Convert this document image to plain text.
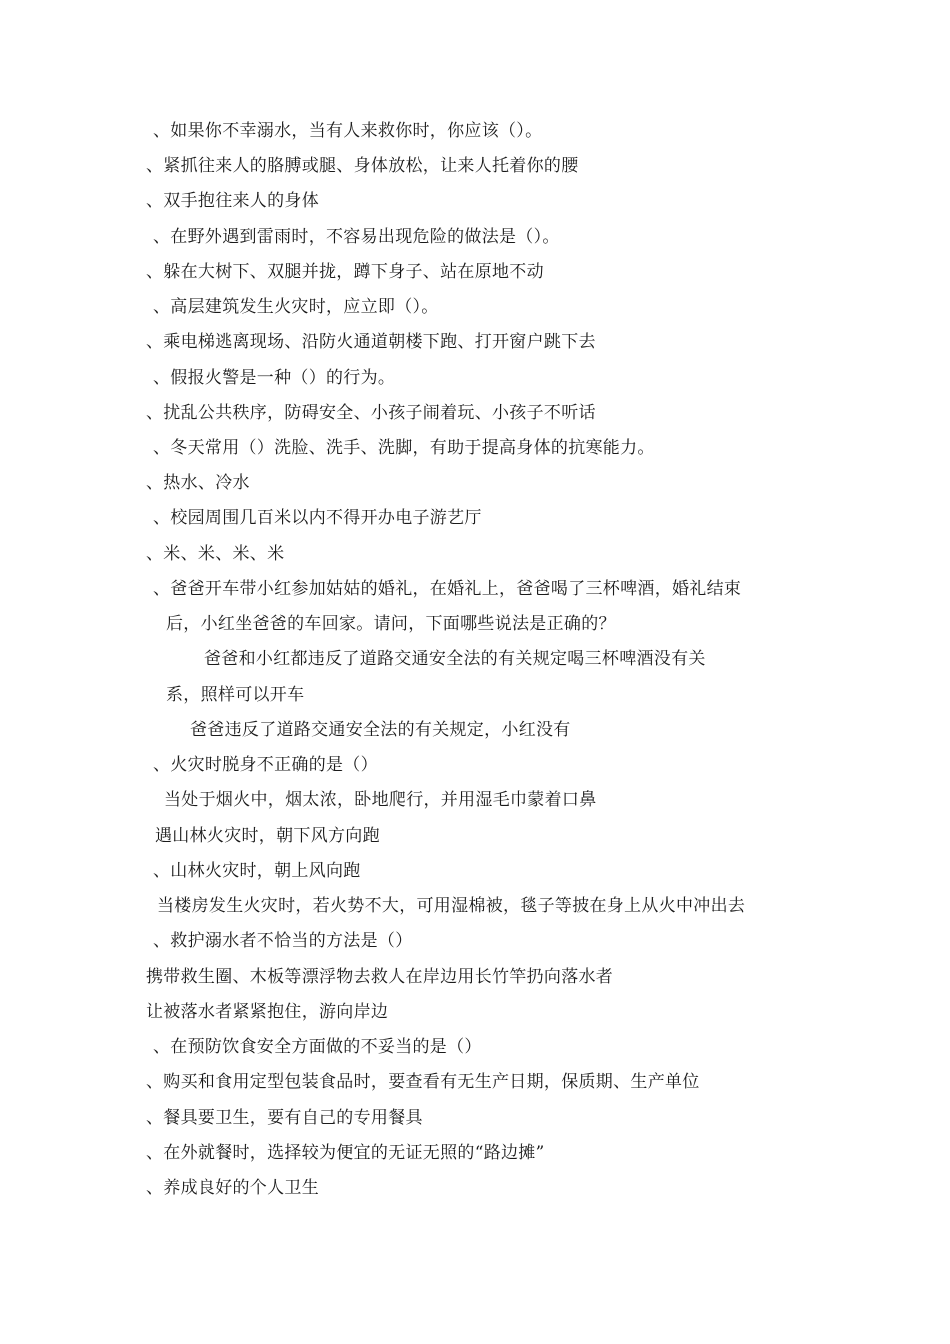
、如果你不幸溺水，当有人来救你时，你应该（）。
、紧抓往来人的胳膊或腿、身体放松，让来人托着你的腰
、双手抱往来人的身体
、在野外遇到雷雨时，不容易出现危险的做法是（）。
、躲在大树下、双腿并拢，蹲下身子、站在原地不动
、高层建筑发生火灾时，应立即（）。
、乘电梯逃离现场、沿防火通道朝楼下跑、打开窗户跳下去
、假报火警是一种（）的行为。
、扰乱公共秩序，防碍安全、小孩子闹着玩、小孩子不听话
、冬天常用（）洗脸、洗手、洗脚，有助于提高身体的抗寒能力。
、热水、冷水
、校园周围几百米以内不得开办电子游艺厅
、米、米、米、米
、爸爸开车带小红参加姑姑的婚礼，在婚礼上，爸爸喝了三杯啤酒，婚礼结束
后，小红坐爸爸的车回家。请问，下面哪些说法是正确的？
爸爸和小红都违反了道路交通安全法的有关规定喝三杯啤酒没有关
系，照样可以开车
爸爸违反了道路交通安全法的有关规定，小红没有
、火灾时脱身不正确的是（）
当处于烟火中，烟太浓，卧地爬行，并用湿毛巾蒙着口鼻
遇山林火灾时，朝下风方向跑
、山林火灾时，朝上风向跑
当楼房发生火灾时，若火势不大，可用湿棉被，毯子等披在身上从火中冲出去
、救护溺水者不恰当的方法是（）
携带救生圈、木板等漂浮物去救人在岸边用长竹竿扔向落水者
让被落水者紧紧抱住，游向岸边
、在预防饮食安全方面做的不妥当的是（）
、购买和食用定型包装食品时，要查看有无生产日期，保质期、生产单位
、餐具要卫生，要有自己的专用餐具
、在外就餐时，选择较为便宜的无证无照的“路边摊”
、养成良好的个人卫生
